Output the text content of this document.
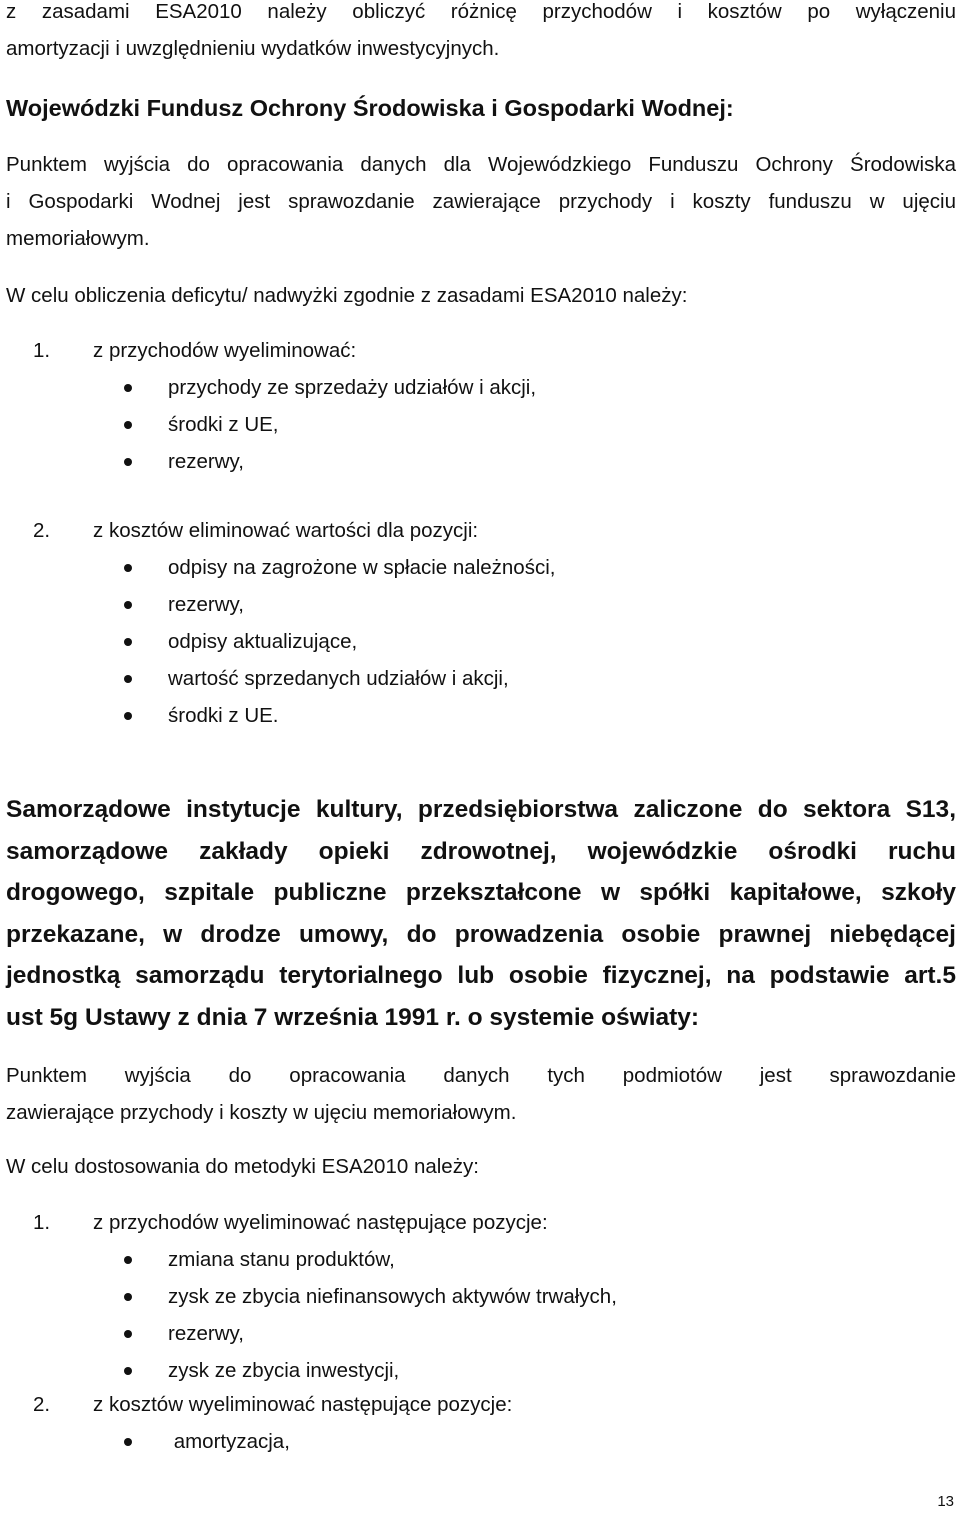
z zasadami ESA2010 należy obliczyć różnicę przychodów i kosztów po wyłączeniu
amortyzacji i uwzględnieniu wydatków inwestycyjnych.

Wojewódzki Fundusz Ochrony Środowiska i Gospodarki Wodnej:

Punktem wyjścia do opracowania danych dla Wojewódzkiego Funduszu Ochrony Środowiska
i Gospodarki Wodnej jest sprawozdanie zawierające przychody i koszty funduszu w ujęciu
memoriałowym.

W celu obliczenia deficytu/ nadwyżki zgodnie z zasadami ESA2010 należy:

1. z przychodów wyeliminować:
przychody ze sprzedaży udziałów i akcji,
środki z UE,
rezerwy,
2. z kosztów eliminować wartości dla pozycji:
odpisy na zagrożone w spłacie należności,
rezerwy,
odpisy aktualizujące,
wartość sprzedanych udziałów i akcji,
środki z UE.

Samorządowe instytucje kultury, przedsiębiorstwa zaliczone do sektora S13,
samorządowe zakłady opieki zdrowotnej, wojewódzkie ośrodki ruchu
drogowego, szpitale publiczne przekształcone w spółki kapitałowe, szkoły
przekazane, w drodze umowy, do prowadzenia osobie prawnej niebędącej
jednostką samorządu terytorialnego lub osobie fizycznej, na podstawie art.5
ust 5g Ustawy z dnia 7 września 1991 r. o systemie oświaty:

Punktem wyjścia do opracowania danych tych podmiotów jest sprawozdanie
zawierające przychody i koszty w ujęciu memoriałowym.

W celu dostosowania do metodyki ESA2010 należy:

1. z przychodów wyeliminować następujące pozycje:
zmiana stanu produktów,
zysk ze zbycia niefinansowych aktywów trwałych,
rezerwy,
zysk ze zbycia inwestycji,
2. z kosztów wyeliminować następujące pozycje:
amortyzacja,
13
